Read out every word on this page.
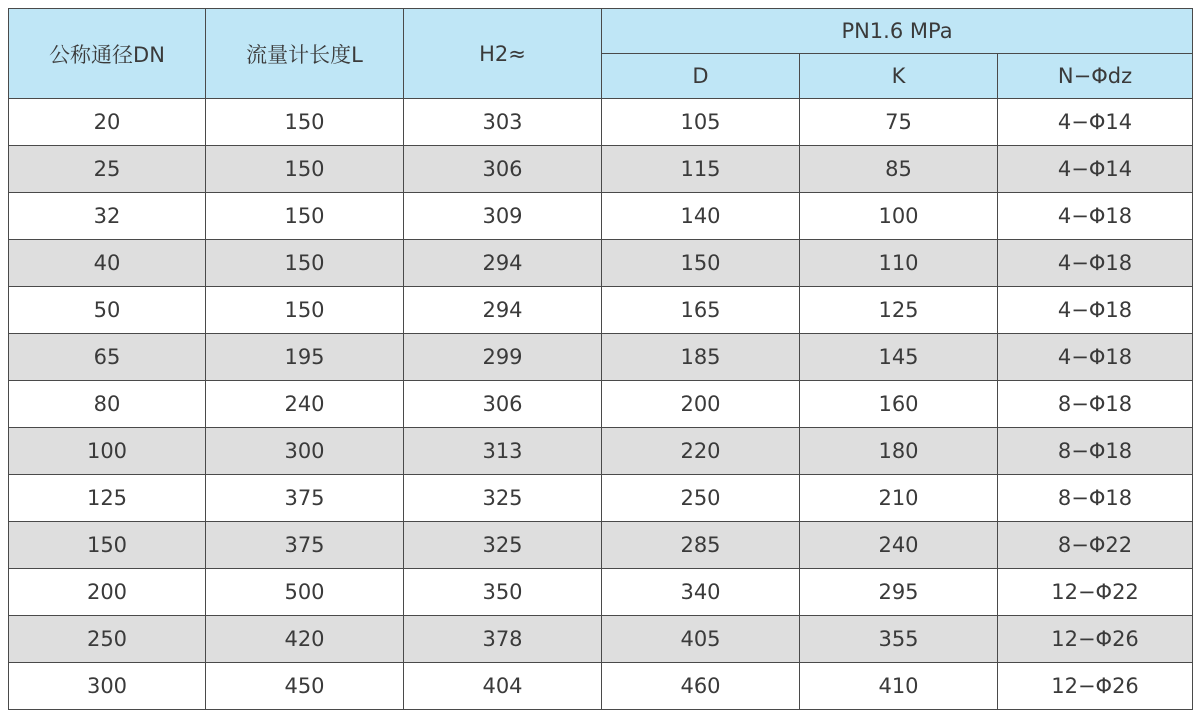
公称通径DN	流量计长度L	H2≈	PN1.6 MPa		
			D	K	N−Φdz
20	150	303	105	75	4−Φ14
25	150	306	115	85	4−Φ14
32	150	309	140	100	4−Φ18
40	150	294	150	110	4−Φ18
50	150	294	165	125	4−Φ18
65	195	299	185	145	4−Φ18
80	240	306	200	160	8−Φ18
100	300	313	220	180	8−Φ18
125	375	325	250	210	8−Φ18
150	375	325	285	240	8−Φ22
200	500	350	340	295	12−Φ22
250	420	378	405	355	12−Φ26
300	450	404	460	410	12−Φ26
